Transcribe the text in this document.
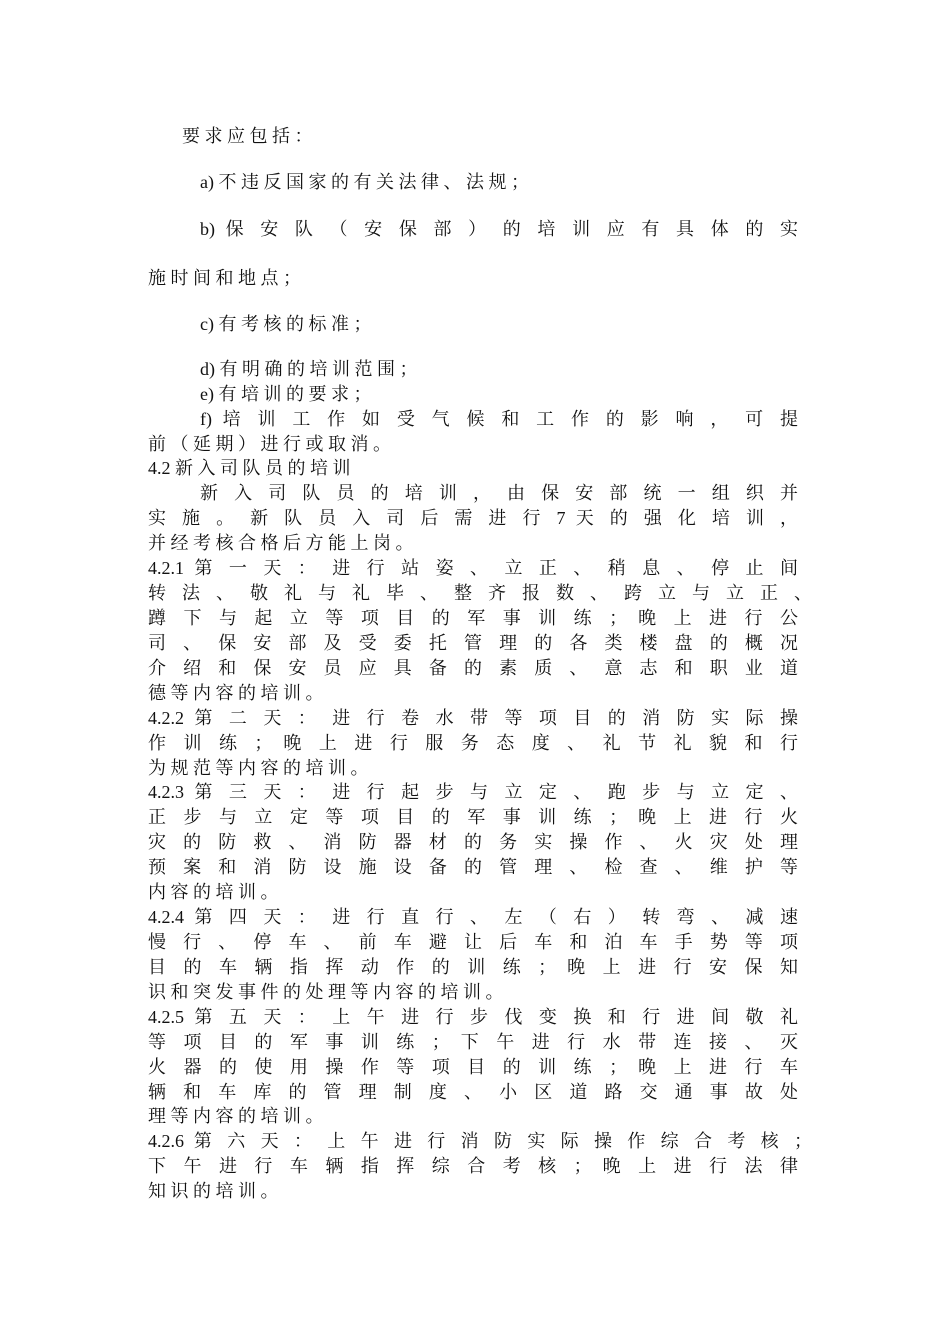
要 求 应 包 括 ：
a) 不 违 反 国 家 的 有 关 法 律 、 法 规 ；
b) 保 安 队 （ 安 保 部 ） 的 培 训 应 有 具 体 的 实
施 时 间 和 地 点 ；
c) 有 考 核 的 标 准 ；
d) 有 明 确 的 培 训 范 围 ；
e) 有 培 训 的 要 求 ；
f) 培 训 工 作 如 受 气 候 和 工 作 的 影 响 ， 可 提
前 （ 延 期 ） 进 行 或 取 消 。
4.2 新 入 司 队 员 的 培 训
新 入 司 队 员 的 培 训 ， 由 保 安 部 统 一 组 织 并
实 施 。 新 队 员 入 司 后 需 进 行 7 天 的 强 化 培 训 ，
并 经 考 核 合 格 后 方 能 上 岗 。
4.2.1 第 一 天 ： 进 行 站 姿 、 立 正 、 稍 息 、 停 止 间
转 法 、 敬 礼 与 礼 毕 、 整 齐 报 数 、 跨 立 与 立 正 、
蹲 下 与 起 立 等 项 目 的 军 事 训 练 ； 晚 上 进 行 公
司 、 保 安 部 及 受 委 托 管 理 的 各 类 楼 盘 的 概 况
介 绍 和 保 安 员 应 具 备 的 素 质 、 意 志 和 职 业 道
德 等 内 容 的 培 训 。
4.2.2 第 二 天 ： 进 行 卷 水 带 等 项 目 的 消 防 实 际 操
作 训 练 ； 晚 上 进 行 服 务 态 度 、 礼 节 礼 貌 和 行
为 规 范 等 内 容 的 培 训 。
4.2.3 第 三 天 ： 进 行 起 步 与 立 定 、 跑 步 与 立 定 、
正 步 与 立 定 等 项 目 的 军 事 训 练 ； 晚 上 进 行 火
灾 的 防 救 、 消 防 器 材 的 务 实 操 作 、 火 灾 处 理
预 案 和 消 防 设 施 设 备 的 管 理 、 检 查 、 维 护 等
内 容 的 培 训 。
4.2.4 第 四 天 ： 进 行 直 行 、 左 （ 右 ） 转 弯 、 减 速
慢 行 、 停 车 、 前 车 避 让 后 车 和 泊 车 手 势 等 项
目 的 车 辆 指 挥 动 作 的 训 练 ； 晚 上 进 行 安 保 知
识 和 突 发 事 件 的 处 理 等 内 容 的 培 训 。
4.2.5 第 五 天 ： 上 午 进 行 步 伐 变 换 和 行 进 间 敬 礼
等 项 目 的 军 事 训 练 ； 下 午 进 行 水 带 连 接 、 灭
火 器 的 使 用 操 作 等 项 目 的 训 练 ； 晚 上 进 行 车
辆 和 车 库 的 管 理 制 度 、 小 区 道 路 交 通 事 故 处
理 等 内 容 的 培 训 。
4.2.6 第 六 天 ： 上 午 进 行 消 防 实 际 操 作 综 合 考 核 ；
下 午 进 行 车 辆 指 挥 综 合 考 核 ； 晚 上 进 行 法 律
知 识 的 培 训 。
